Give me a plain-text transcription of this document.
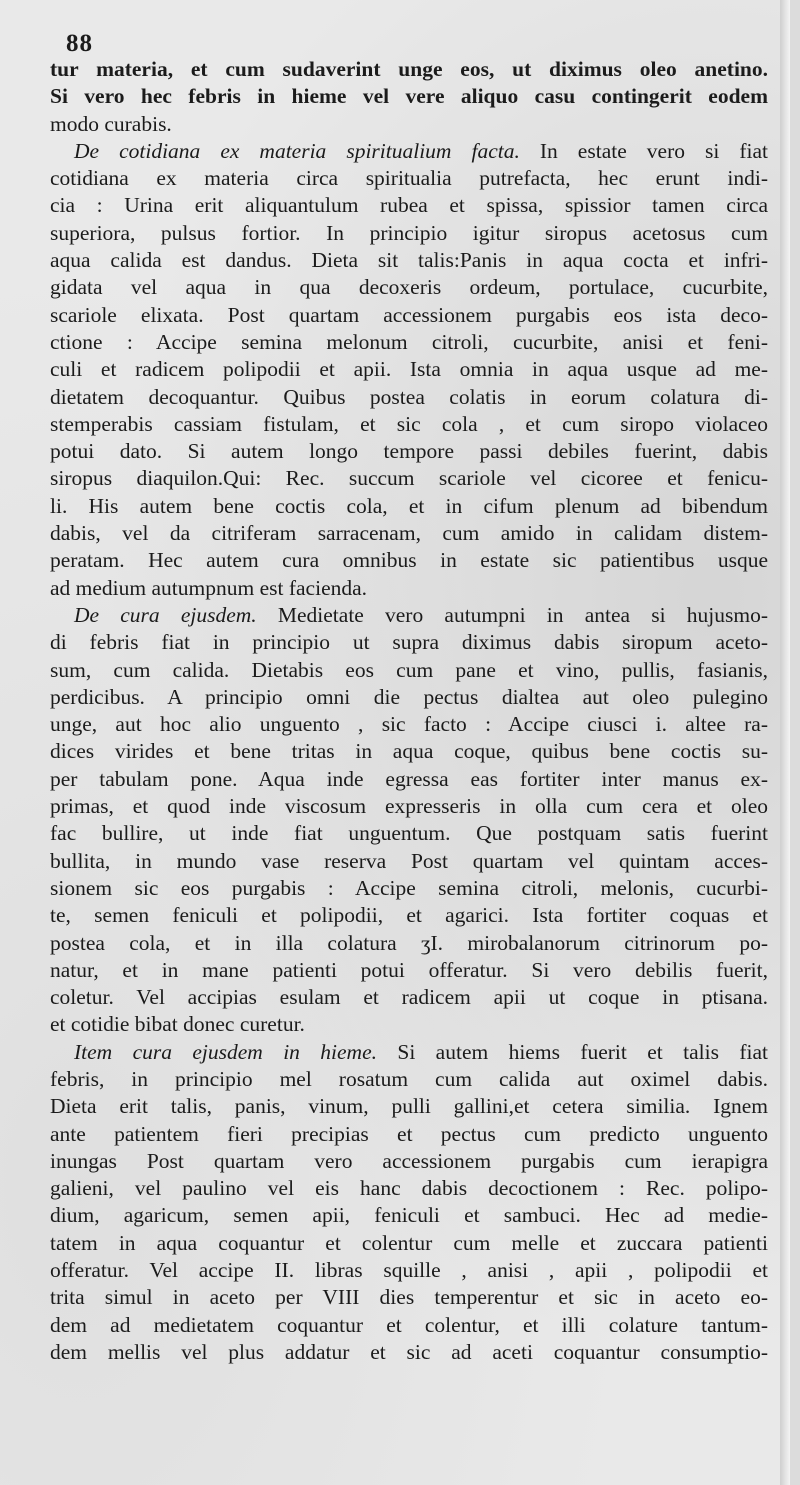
88
tur materia, et cum sudaverint unge eos, ut diximus oleo anetino.
Si vero hec febris in hieme vel vere aliquo casu contingerit eodem
modo curabis.
De cotidiana ex materia spiritualium facta. In estate vero si fiat
cotidiana ex materia circa spiritualia putrefacta, hec erunt indi-
cia : Urina erit aliquantulum rubea et spissa, spissior tamen circa
superiora, pulsus fortior. In principio igitur siropus acetosus cum
aqua calida est dandus. Dieta sit talis:Panis in aqua cocta et infri-
gidata vel aqua in qua decoxeris ordeum, portulace, cucurbite,
scariole elixata. Post quartam accessionem purgabis eos ista deco-
ctione : Accipe semina melonum citroli, cucurbite, anisi et feni-
culi et radicem polipodii et apii. Ista omnia in aqua usque ad me-
dietatem decoquantur. Quibus postea colatis in eorum colatura di-
stemperabis cassiam fistulam, et sic cola , et cum siropo violaceo
potui dato. Si autem longo tempore passi debiles fuerint, dabis
siropus diaquilon.Qui: Rec. succum scariole vel cicoree et fenicu-
li. His autem bene coctis cola, et in cifum plenum ad bibendum
dabis, vel da citriferam sarracenam, cum amido in calidam distem-
peratam. Hec autem cura omnibus in estate sic patientibus usque
ad medium autumpnum est facienda.
De cura ejusdem. Medietate vero autumpni in antea si hujusmo-
di febris fiat in principio ut supra diximus dabis siropum aceto-
sum, cum calida. Dietabis eos cum pane et vino, pullis, fasianis,
perdicibus. A principio omni die pectus dialtea aut oleo pulegino
unge, aut hoc alio unguento , sic facto : Accipe ciusci i. altee ra-
dices virides et bene tritas in aqua coque, quibus bene coctis su-
per tabulam pone. Aqua inde egressa eas fortiter inter manus ex-
primas, et quod inde viscosum expresseris in olla cum cera et oleo
fac bullire, ut inde fiat unguentum. Que postquam satis fuerint
bullita, in mundo vase reserva Post quartam vel quintam acces-
sionem sic eos purgabis : Accipe semina citroli, melonis, cucurbi-
te, semen feniculi et polipodii, et agarici. Ista fortiter coquas et
postea cola, et in illa colatura ʒI. mirobalanorum citrinorum po-
natur, et in mane patienti potui offeratur. Si vero debilis fuerit,
coletur. Vel accipias esulam et radicem apii ut coque in ptisana.
et cotidie bibat donec curetur.
Item cura ejusdem in hieme. Si autem hiems fuerit et talis fiat
febris, in principio mel rosatum cum calida aut oximel dabis.
Dieta erit talis, panis, vinum, pulli gallini,et cetera similia. Ignem
ante patientem fieri precipias et pectus cum predicto unguento
inungas Post quartam vero accessionem purgabis cum ierapigra
galieni, vel paulino vel eis hanc dabis decoctionem : Rec. polipo-
dium, agaricum, semen apii, feniculi et sambuci. Hec ad medie-
tatem in aqua coquantur et colentur cum melle et zuccara patienti
offeratur. Vel accipe II. libras squille , anisi , apii , polipodii et
trita simul in aceto per VIII dies temperentur et sic in aceto eo-
dem ad medietatem coquantur et colentur, et illi colature tantum-
dem mellis vel plus addatur et sic ad aceti coquantur consumptio-
